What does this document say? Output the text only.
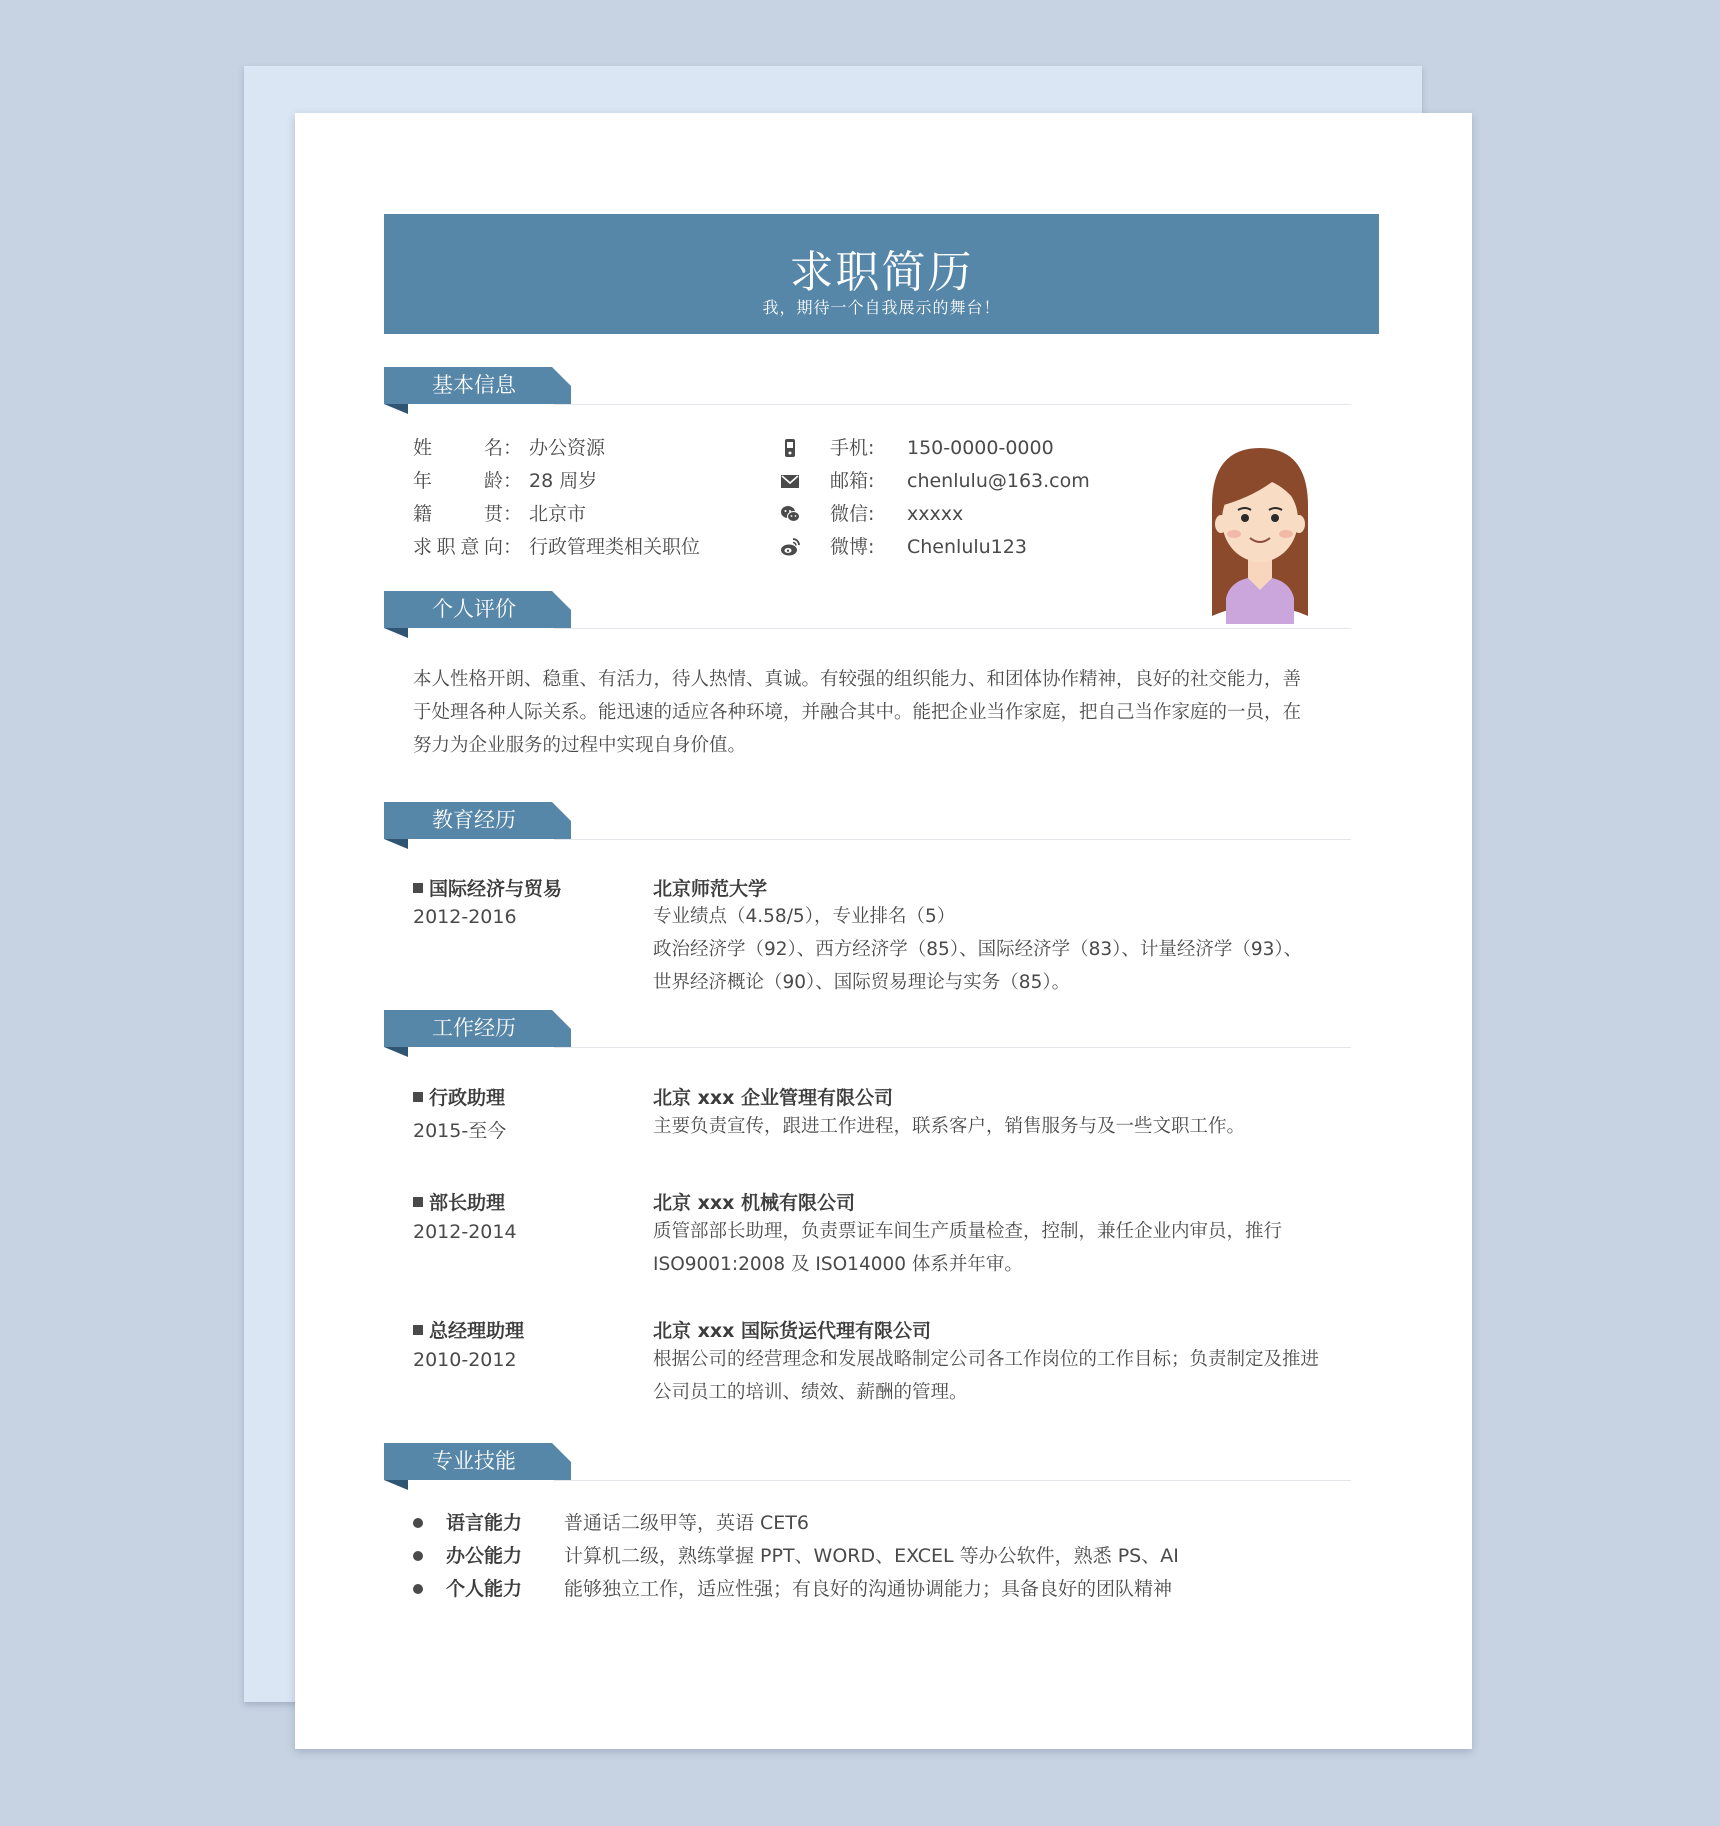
求职简历
我，期待一个自我展示的舞台！
基本信息
姓名 ： 办公资源
年龄 ： 28 周岁
籍贯 ： 北京市
求职意向 ： 行政管理类相关职位
手机: 150-0000-0000
邮箱: chenlulu@163.com
微信: xxxxx
微博: Chenlulu123
个人评价
本人性格开朗、稳重、有活力，待人热情、真诚。有较强的组织能力、和团体协作精神，良好的社交能力，善
于处理各种人际关系。能迅速的适应各种环境，并融合其中。能把企业当作家庭，把自己当作家庭的一员，在
努力为企业服务的过程中实现自身价值。
教育经历
国际经济与贸易
2012-2016
北京师范大学
专业绩点（4.58/5），专业排名（5）
政治经济学（92）、西方经济学（85）、国际经济学（83）、计量经济学（93）、
世界经济概论（90）、国际贸易理论与实务（85）。
工作经历
行政助理
2015-至今
北京 xxx 企业管理有限公司
主要负责宣传，跟进工作进程，联系客户，销售服务与及一些文职工作。
部长助理
2012-2014
北京 xxx 机械有限公司
质管部部长助理，负责票证车间生产质量检查，控制，兼任企业内审员，推行
ISO9001:2008 及 ISO14000 体系并年审。
总经理助理
2010-2012
北京 xxx 国际货运代理有限公司
根据公司的经营理念和发展战略制定公司各工作岗位的工作目标；负责制定及推进
公司员工的培训、绩效、薪酬的管理。
专业技能
语言能力 普通话二级甲等，英语 CET6
办公能力 计算机二级，熟练掌握 PPT、WORD、EXCEL 等办公软件，熟悉 PS、AI
个人能力 能够独立工作，适应性强；有良好的沟通协调能力；具备良好的团队精神
